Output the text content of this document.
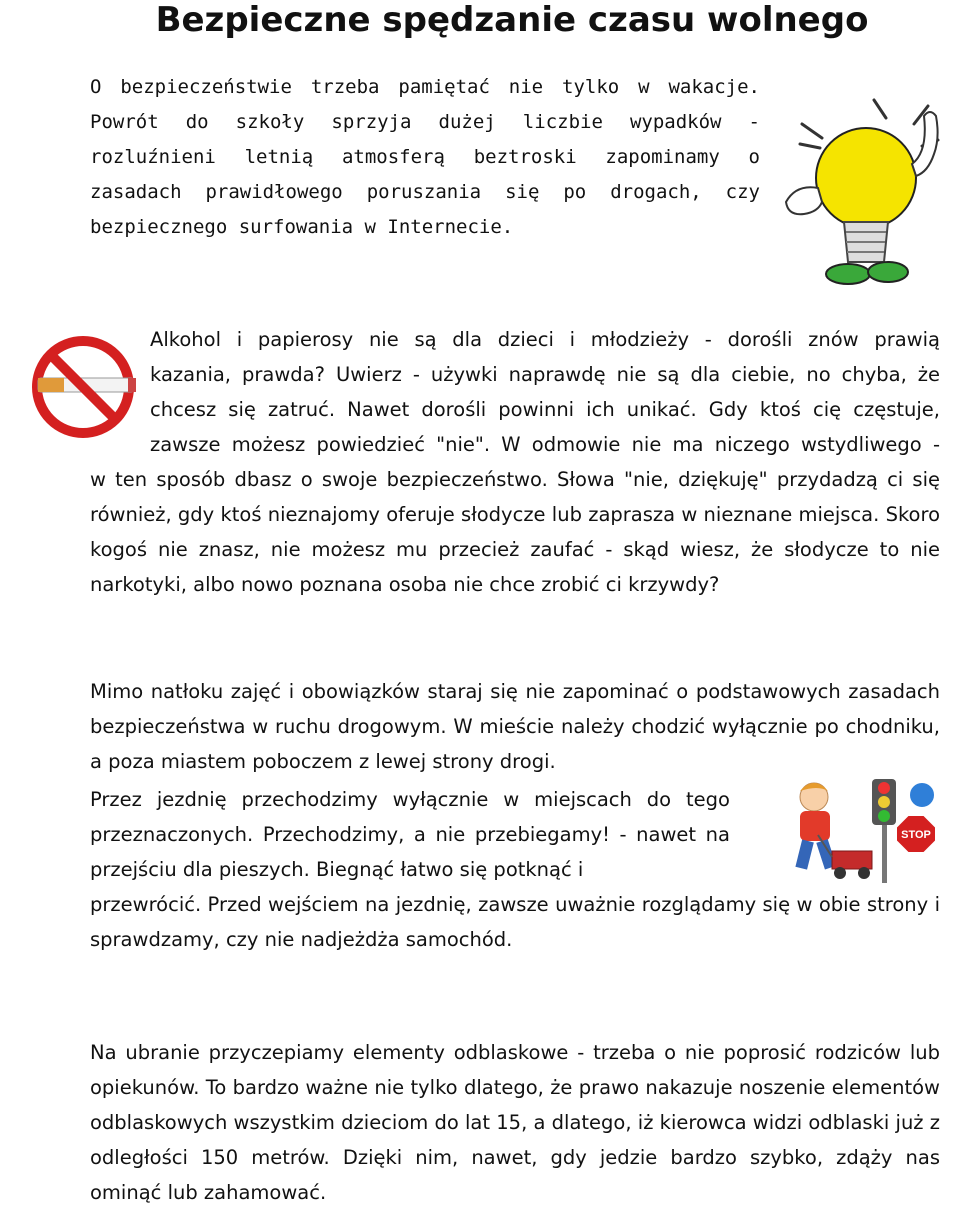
Bezpieczne spędzanie czasu wolnego
O bezpieczeństwie trzeba pamiętać nie tylko w wakacje. Powrót do szkoły sprzyja dużej liczbie wypadków - rozluźnieni letnią atmosferą beztroski zapominamy o zasadach prawidłowego poruszania się po drogach, czy bezpiecznego surfowania w Internecie.
Alkohol i papierosy nie są dla dzieci i młodzieży - dorośli znów prawią
kazania, prawda? Uwierz - używki naprawdę nie są dla ciebie, no chyba, że
chcesz się zatruć. Nawet dorośli powinni ich unikać. Gdy ktoś cię częstuje,
zawsze możesz powiedzieć "nie". W odmowie nie ma niczego wstydliwego -
w ten sposób dbasz o swoje bezpieczeństwo. Słowa "nie, dziękuję" przydadzą ci się również, gdy ktoś nieznajomy oferuje słodycze lub zaprasza w nieznane miejsca. Skoro kogoś nie znasz, nie możesz mu przecież zaufać - skąd wiesz, że słodycze to nie narkotyki, albo nowo poznana osoba nie chce zrobić ci krzywdy?
Mimo natłoku zajęć i obowiązków staraj się nie zapominać o podstawowych zasadach bezpieczeństwa w ruchu drogowym. W mieście należy chodzić wyłącznie po chodniku, a poza miastem poboczem z lewej strony drogi.
Przez jezdnię przechodzimy wyłącznie w miejscach do tego przeznaczonych. Przechodzimy, a nie przebiegamy! - nawet na przejściu dla pieszych. Biegnąć łatwo się potknąć i
STOP
przewrócić. Przed wejściem na jezdnię, zawsze uważnie rozglądamy się w obie strony i sprawdzamy, czy nie nadjeżdża samochód.
Na ubranie przyczepiamy elementy odblaskowe - trzeba o nie poprosić rodziców lub opiekunów. To bardzo ważne nie tylko dlatego, że prawo nakazuje noszenie elementów odblaskowych wszystkim dzieciom do lat 15, a dlatego, iż kierowca widzi odblaski już z odległości 150 metrów. Dzięki nim, nawet, gdy jedzie bardzo szybko, zdąży nas ominąć lub zahamować.
